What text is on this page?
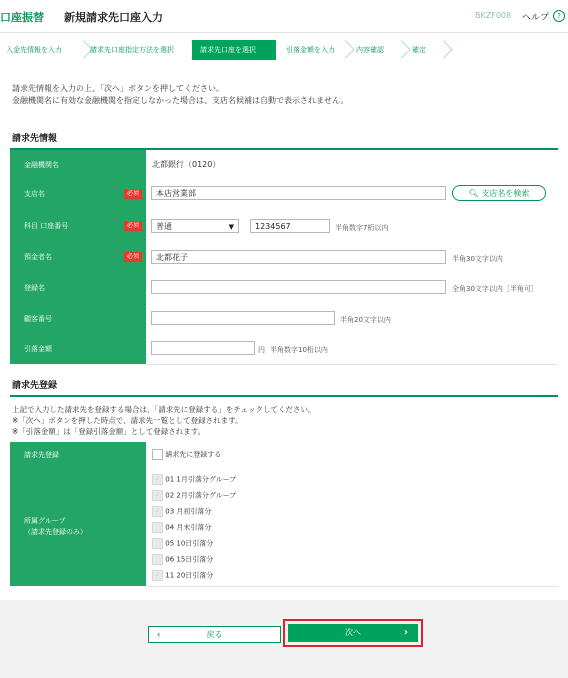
口座振替 新規請求先口座入力	BKZF008 ヘルプ	?
入金先情報を入力	請求先口座指定方法を選択	請求先口座を選択	引落金額を入力	内容確認	確定
請求先情報を入力の上、「次へ」ボタンを押してください。
金融機関名に有効な金融機関を指定しなかった場合は、支店名候補は自動で表示されません。
請求先情報
金融機関名	北都銀行（0120）
支店名	必須	本店営業部	🔍︎ 支店名を検索
科目 口座番号	必須	普通	▼	1234567	半角数字7桁以内
預金者名	必須	北都花子	半角30文字以内
登録名	全角30文字以内［半角可］
顧客番号	半角20文字以内
引落金額	円 半角数字10桁以内
請求先登録
上記で入力した請求先を登録する場合は、「請求先に登録する」をチェックしてください。
※「次へ」ボタンを押した時点で、請求先一覧として登録されます。
※「引落金額」は「登録引落金額」として登録されます。
請求先登録	請求先に登録する
所属グループ
（請求先登録のみ）
✓ 01 1月引落分グループ
✓ 02 2月引落分グループ
✓ 03 月初引落分
04 月末引落分
05 10日引落分
06 15日引落分
✓ 11 20日引落分
‹	戻る	次へ	›
